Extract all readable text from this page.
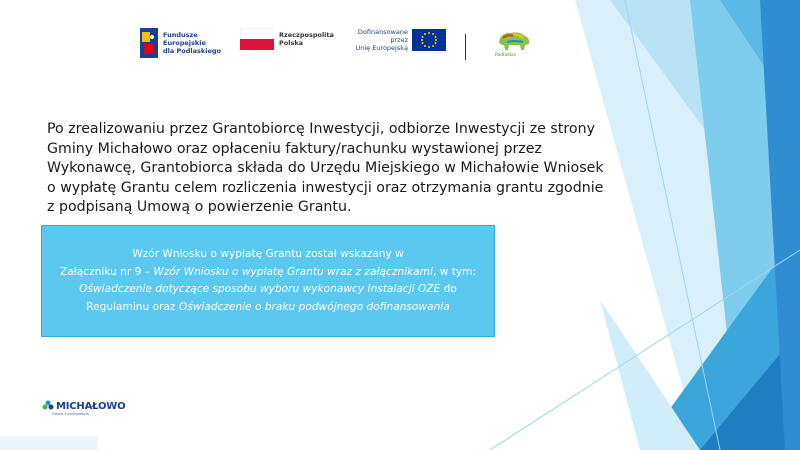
Fundusze Europejskie
dla Podlaskiego
Rzeczpospolita
Polska
Dofinansowane przez
Unię Europejską
Podlaskie

Po zrealizowaniu przez Grantobiorcę Inwestycji, odbiorze Inwestycji ze strony Gminy Michałowo oraz opłaceniu faktury/rachunku wystawionej przez Wykonawcę, Grantobiorca składa do Urzędu Miejskiego w Michałowie Wniosek o wypłatę Grantu celem rozliczenia inwestycji oraz otrzymania grantu zgodnie z podpisaną Umową o powierzenie Grantu.

Wzór Wniosku o wypłatę Grantu został wskazany w
Załączniku nr 9 – Wzór Wniosku o wypłatę Grantu wraz z załącznikami, w tym: Oświadczenie dotyczące sposobu wyboru wykonawcy Instalacji OZE do Regulaminu oraz Oświadczenie o braku podwójnego dofinansowania

MICHAŁOWO
Gmina z przyszłością
